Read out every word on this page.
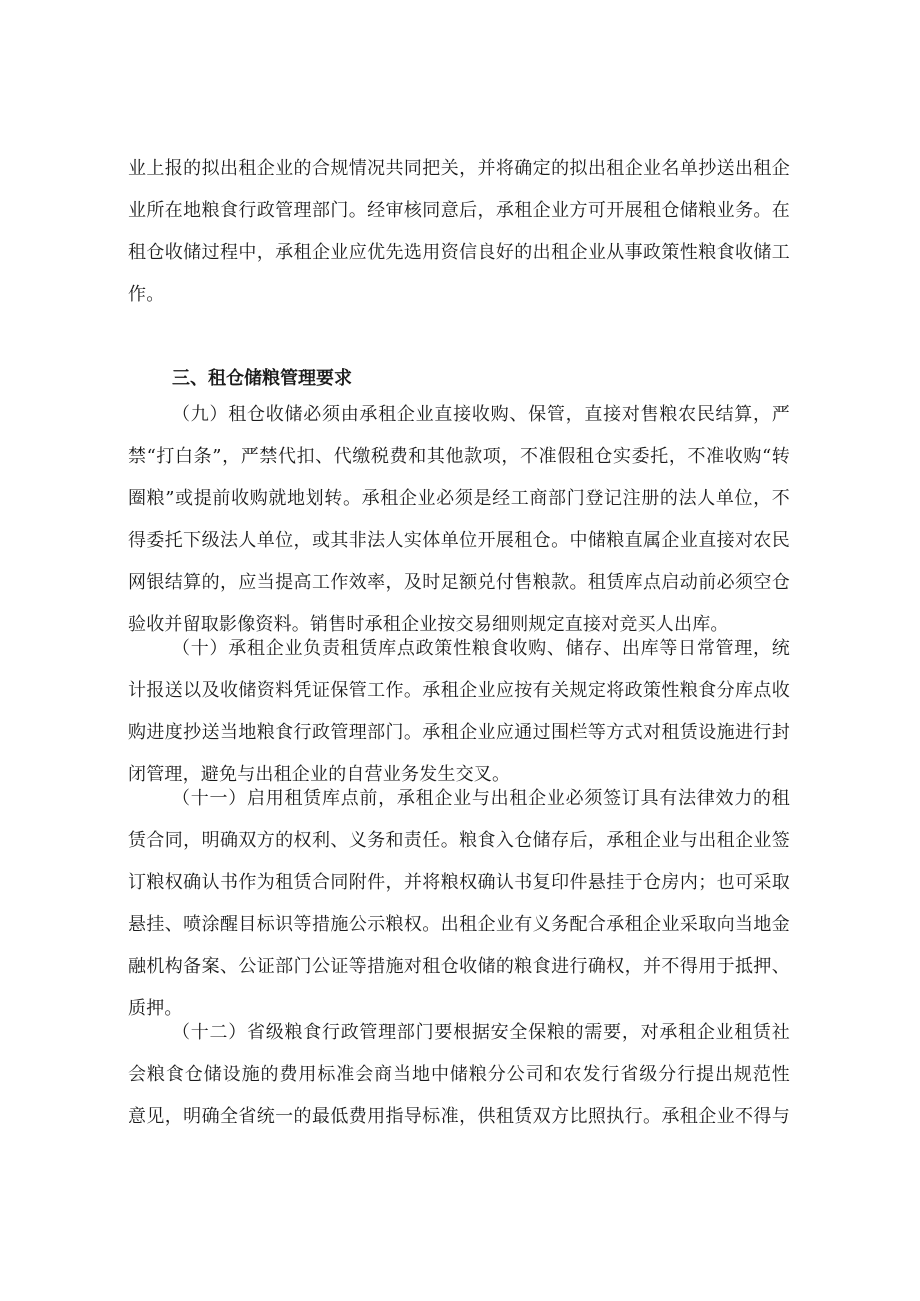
业上报的拟出租企业的合规情况共同把关，并将确定的拟出租企业名单抄送出租企
业所在地粮食行政管理部门。经审核同意后，承租企业方可开展租仓储粮业务。在
租仓收储过程中，承租企业应优先选用资信良好的出租企业从事政策性粮食收储工
作。
三、租仓储粮管理要求
（九）租仓收储必须由承租企业直接收购、保管，直接对售粮农民结算，严
禁“打白条”，严禁代扣、代缴税费和其他款项，不准假租仓实委托，不准收购“转
圈粮”或提前收购就地划转。承租企业必须是经工商部门登记注册的法人单位，不
得委托下级法人单位，或其非法人实体单位开展租仓。中储粮直属企业直接对农民
网银结算的，应当提高工作效率，及时足额兑付售粮款。租赁库点启动前必须空仓
验收并留取影像资料。销售时承租企业按交易细则规定直接对竞买人出库。
（十）承租企业负责租赁库点政策性粮食收购、储存、出库等日常管理，统
计报送以及收储资料凭证保管工作。承租企业应按有关规定将政策性粮食分库点收
购进度抄送当地粮食行政管理部门。承租企业应通过围栏等方式对租赁设施进行封
闭管理，避免与出租企业的自营业务发生交叉。
（十一）启用租赁库点前，承租企业与出租企业必须签订具有法律效力的租
赁合同，明确双方的权利、义务和责任。粮食入仓储存后，承租企业与出租企业签
订粮权确认书作为租赁合同附件，并将粮权确认书复印件悬挂于仓房内；也可采取
悬挂、喷涂醒目标识等措施公示粮权。出租企业有义务配合承租企业采取向当地金
融机构备案、公证部门公证等措施对租仓收储的粮食进行确权，并不得用于抵押、
质押。
（十二）省级粮食行政管理部门要根据安全保粮的需要，对承租企业租赁社
会粮食仓储设施的费用标准会商当地中储粮分公司和农发行省级分行提出规范性
意见，明确全省统一的最低费用指导标准，供租赁双方比照执行。承租企业不得与
